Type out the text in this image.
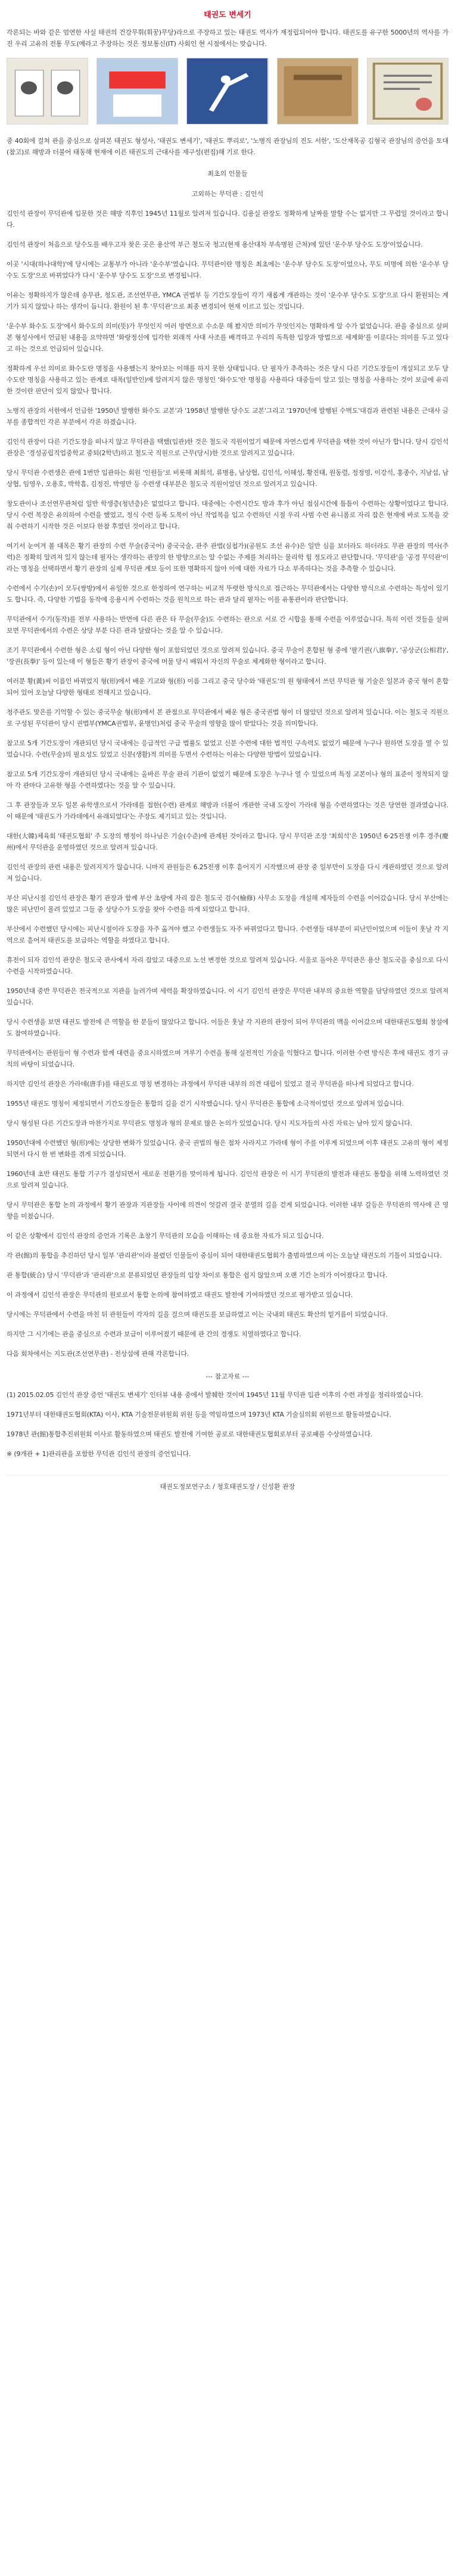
태권도 변세기

각론되는 바와 같은 엄연한 사실 태권의 건강무휘(휘꿍)무당)라으로 주장하고 있는 태권도 역사가 재정립되어야 합니다. 태권도를 유구한 5000년의 역사를 가진 우리 고유의 전통 무도(예라고 주장하는 것은 정보통신(IT) 사회인 현 시점에서는 맞습니다.

중 40회에 걸쳐 관을 중심으로 살펴본 태권도 형성사, '태권도 변세기', '태권도 뿌리로', '노병직 관장님의 진도 서한', '도산재목공 김형국 관장님의 증언을 토대(참고)로 해방과 더불어 태동해 현재에 이른 태권도의 근대사를 재구성(편집)해 기로 한다.

최초의 인물들
고외하는 무덕관 : 김인석

김인석 관장이 무덕관에 입문한 것은 해방 직후인 1945년 11월로 알려져 있습니다. 김용실 관장도 정확하게 날짜를 말할 수는 없지만 그 무렵일 것이라고 합니다.

김인석 관장이 처음으로 당수도를 배우고자 찾은 곳은 용산역 부근 철도국 청고(현재 용산대차 부속병원 근처)에 있던 '운수부 당수도 도장'이었습니다.

이곳 '시대(하나대학)'에 당시에는 교통부가 아니라 '운수부'였습니다. 무덕관이란 명칭은 최초에는 '운수부 당수도 도장'이었으나, 무도 미명에 의한 '운수부 당수도 도장'으로 바뀌었다가 다시 '운수부 당수도 도장'으로 변경됩니다.

이유는 정확하지가 않은데 송무관, 청도관, 조선연무관, YMCA 권법부 등 기간도장들이 각기 새롭게 개관하는 것이 '운수부 당수도 도장'으로 다시 환원되는 계기가 되지 않았나 하는 생각이 듭니다. 환원이 된 후 '무덕관'으로 최종 변경되어 현재 이르고 있는 것입니다.

'운수부 화수도 도장'에서 화수도의 의미(뜻)가 무엇인지 여러 방면으로 수소문 해 봤지만 의미가 무엇인지는 명확하게 알 수가 없었습니다. 관을 중심으로 살펴본 형성사에서 언급된 내용을 요약하면 '화랑정신에 입각한 외래적 사대 사조를 배격하고 우리의 독특한 입장과 방법으로 세계화'를 이룬다는 의미를 두고 있다고 하는 것으로 언급되어 있습니다.

정확하게 우선 의미로 화수도란 명칭을 사용했는지 찾아보는 이해를 하지 못한 상태입니다. 단 필자가 추측하는 것은 당시 다른 기간도장들이 개설되고 모두 당수도란 명칭을 사용하고 있는 관계로 대폭(일반인)에 알려지지 않은 명칭인 '화수도'란 명칭을 사용하다 대중들이 알고 있는 명칭을 사용하는 것이 보급에 유리한 것이란 판단이 있지 않았나 합니다.

노병직 관장의 서한에서 언급한 '1950년 발행한 화수도 교본'과 '1958년 발행한 당수도 교본'그리고 '1970년에 발행된 수벽도'대검과 관련된 내용은 근대사 글부를 종합적인 각론 부분에서 각론 하겠습니다.

김인석 관장이 다른 기간도장을 떠나지 않고 무덕관을 택했(입관)한 것은 철도국 직원이었기 때문에 자연스럽게 무덕관을 택한 것이 아닌가 합니다. 당시 김인석 관장은 '경성공립직업중학교 중퇴(2학년)하고 철도국 직원으로 근무(당시)한 것으로 알려지고 있습니다.

당시 무덕관 수련생은 관에 1번만 입관하는 회원 '인원들'로 비롯해 최희석, 류병용, 남상협, 김인석, 이혜성, 황진태, 원동렬, 정정영, 이강석, 홍종수, 지남섭, 남상협, 임영우, 오용호, 박학흠, 김정진, 박영만 등 수련생 대부분은 철도국 직원이었던 것으로 알려지고 있습니다.

창도관이나 조선연무관처럼 일반 학생층(청년층)은 없었다고 합니다. 대중에는 수련시간도 방과 후가 아닌 점심시간에 틈틈이 수련하는 상황이었다고 합니다. 당시 수련 복장은 유의하여 수련을 했었고, 정식 수련 등록 도복이 아닌 작업복을 입고 수련하던 시절 우리 사범 수련 유니폼로 자리 잡은 현재에 바로 도복을 갖춰 수련하기 시작한 것은 이보다 한참 후였던 것이라고 합니다.

여기서 눈여겨 볼 대목은 황기 관장의 수련 무술(중국어) 중국국술, 관주 관법(심첩가)(공원도 조선 유수)은 일반 심을 보더라도 하더라도 무관 관장의 역사(주력)은 정확히 알려져 있지 않는데 필자는 생각하는 관장의 한 방향으로는 알 수없는 주제를 처리하는 물리학 힘 정도라고 판단합니다. '무덕관'을 '공경 무덕관'이라는 명칭을 선택하면서 황기 관장의 실제 무덕관 계보 등이 또한 명확하지 않아 이에 대한 자료가 다소 부족하다는 것을 추측할 수 있습니다.

수련에서 수기(손)이 모두(쌍방)에서 유일한 것으로 한정하여 연구하는 비교적 뚜렷한 방식으로 접근하는 무덕관에서는 다양한 방식으로 수련하는 특성이 있기도 합니다. 즉, 다양한 기법을 동작에 응용시켜 수련하는 것을 원칙으로 하는 관과 달리 필자는 이를 유통관이라 판단합니다.

무덕관에서 수기(동작)를 전부 사용하는 반면에 다른 관은 타 무술(무술)도 수련하는 관으로 서로 간 시합을 통해 수련을 이루었습니다. 특히 이런 것들을 살펴보면 무덕관에서의 수련은 상당 부분 다른 관과 달랐다는 것을 알 수 있습니다.

조기 무덕관에서 수련한 형은 소림 형이 아닌 다양한 형이 포함되었던 것으로 알려져 있습니다. 중국 무술이 혼합된 형 중에 '팔기권(八旗拳)', '공상군(公相君)', '장권(長拳)' 등이 있는데 이 형들은 황기 관장이 중국에 머물 당시 배워서 자신의 무술로 체계화한 형이라고 합니다.

여러분 황(黃)씨 이름인 바뀌었지 형(形)에서 배운 기교와 형(形) 이름 그리고 중국 당수와 '태권도'의 원 형태에서 쓰던 무덕관 형 기술은 일본과 중국 형이 혼합되어 있어 오늘날 다양한 형태로 전해지고 있습니다.

청주관도 맞은를 기억할 수 있는 중국무술 형(形)에서 본 관점으로 무덕관에서 배운 형은 중국권법 형이 더 많았던 것으로 알려져 있습니다. 이는 철도국 직원으로 구성된 무덕관이 당시 권법부(YMCA권법부, 윤병인)처럼 중국 무술의 영향을 많이 받았다는 것을 의미합니다.

참고로 5개 기간도장이 개관되던 당시 국내에는 응급적인 구급 법률도 없었고 신분 수련에 대한 법적인 구속력도 없었기 때문에 누구나 원하면 도장을 열 수 있었습니다. 수련(무술)의 필요성도 있었고 신분(생활)적 의미를 두면서 수련하는 이유는 다양한 방법이 있었습니다.

참고로 5개 기간도장이 개관되던 당시 국내에는 올바른 무술 관리 기관이 없었기 때문에 도장은 누구나 열 수 있었으며 특정 교본이나 형의 표준이 정착되지 않아 각 관마다 고유한 형을 수련하였다는 것을 알 수 있습니다.

그 후 관장들과 모두 일본 유학생으로서 가라데를 접한(수련) 관계로 해방과 더불어 개관한 국내 도장이 가라데 형을 수련하였다는 것은 당연한 결과였습니다. 이 때문에 '태권도가 가라데에서 유래되었다'는 주장도 제기되고 있는 것입니다.

대한(大韓)체육회 '태권도협회' 주 도장의 행정이 하나님은 기술(수준)에 관계된 것이라고 합니다. 당시 무덕관 조장 '최희석'은 1950년 6·25전쟁 이후 경주(慶州)에서 무덕관을 운영하였던 것으로 알려져 있습니다.

김인석 관장의 관련 내용은 알려지지가 않습니다. 니마지 관원들은 6.25전쟁 이후 흩어지기 시작했으며 관장 중 일부만이 도장을 다시 개관하였던 것으로 알려져 있습니다.

부산 피난시절 김인석 관장은 황기 관장과 함께 부산 초량에 자리 잡은 철도국 검수(檢修) 사무소 도장을 개설해 제자들의 수련을 이어갔습니다. 당시 부산에는 많은 피난민이 몰려 있었고 그들 중 상당수가 도장을 찾아 수련을 하게 되었다고 합니다.

부산에서 수련했던 당시에는 피난시절이라 도장을 자주 옮겨야 했고 수련생들도 자주 바뀌었다고 합니다. 수련생들 대부분이 피난민이었으며 이들이 훗날 각 지역으로 흩어져 태권도를 보급하는 역할을 하였다고 합니다.

휴전이 되자 김인석 관장은 철도국 관사에서 자리 잡았고 대중으로 노선 변경한 것으로 알려져 있습니다. 서울로 돌아온 무덕관은 용산 철도국을 중심으로 다시 수련을 시작하였습니다.

1950년대 중반 무덕관은 전국적으로 지관을 늘려가며 세력을 확장하였습니다. 이 시기 김인석 관장은 무덕관 내부의 중요한 역할을 담당하였던 것으로 알려져 있습니다.

당시 수련생을 보면 태권도 발전에 큰 역할을 한 분들이 많았다고 합니다. 이들은 훗날 각 지관의 관장이 되어 무덕관의 맥을 이어갔으며 대한태권도협회 창설에도 참여하였습니다.

무덕관에서는 관원들이 형 수련과 함께 대련을 중요시하였으며 겨루기 수련을 통해 실전적인 기술을 익혔다고 합니다. 이러한 수련 방식은 후에 태권도 경기 규칙의 바탕이 되었습니다.

하지만 김인석 관장은 가라데(唐手)를 태권도로 명칭 변경하는 과정에서 무덕관 내부의 의견 대립이 있었고 결국 무덕관을 떠나게 되었다고 합니다.

1955년 태권도 명칭이 제정되면서 기간도장들은 통합의 길을 걷기 시작했습니다. 당시 무덕관은 통합에 소극적이었던 것으로 알려져 있습니다.

당시 형성된 다른 기간도장과 마찬가지로 무덕관도 명칭과 형의 문제로 많은 논의가 있었습니다. 당시 지도자들의 사진 자료는 남아 있지 않습니다.

1950년대에 수련했던 형(形)에는 상당한 변화가 있었습니다. 중국 권법의 형은 점차 사라지고 가라데 형이 주를 이루게 되었으며 이후 태권도 고유의 형이 제정되면서 다시 한 번 변화를 겪게 되었습니다.

1960년대 초반 태권도 통합 기구가 결성되면서 새로운 전환기를 맞이하게 됩니다. 김인석 관장은 이 시기 무덕관의 발전과 태권도 통합을 위해 노력하였던 것으로 알려져 있습니다.

당시 무덕관은 통합 논의 과정에서 황기 관장과 지관장들 사이에 의견이 엇갈려 결국 분열의 길을 걷게 되었습니다. 이러한 내부 갈등은 무덕관의 역사에 큰 영향을 미쳤습니다.

이 같은 상황에서 김인석 관장의 증언과 기록은 초창기 무덕관의 모습을 이해하는 데 중요한 자료가 되고 있습니다.

각 관(館)의 통합을 추진하던 당시 일부 '관리관'이라 불렸던 인물들이 중심이 되어 대한태권도협회가 출범하였으며 이는 오늘날 태권도의 기틀이 되었습니다.

관 통합(統合) 당시 '무덕관'과 '관리관'으로 분류되었던 관장들의 입장 차이로 통합은 쉽지 않았으며 오랜 기간 논의가 이어졌다고 합니다.

이 과정에서 김인석 관장은 무덕관의 원로로서 통합 논의에 참여하였고 태권도 발전에 기여하였던 것으로 평가받고 있습니다.

당시에는 무덕관에서 수련을 마친 뒤 관원들이 각자의 길을 걸으며 태권도를 보급하였고 이는 국내외 태권도 확산의 밑거름이 되었습니다.

하지만 그 시기에는 관을 중심으로 수련과 보급이 이루어졌기 때문에 관 간의 경쟁도 치열하였다고 합니다.

다음 회차에서는 지도관(조선연무관) - 전상섭에 관해 각론합니다.

--- 참고자료 ---

(1) 2015.02.05 김인석 관장 증언 '태권도 변세기' 인터뷰 내용 중에서 발췌한 것이며 1945년 11월 무덕관 입관 이후의 수련 과정을 정리하였습니다.

1971년부터 대한태권도협회(KTA) 이사, KTA 기술전문위원회 위원 등을 역임하였으며 1973년 KTA 기술심의회 위원으로 활동하였습니다.

1978년 관(館)통합추진위원회 이사로 활동하였으며 태권도 발전에 기여한 공로로 대한태권도협회로부터 공로패를 수상하였습니다.

※ (9개관 + 1)관리관을 포함한 무덕관 김인석 관장의 증언입니다.

태권도정보연구소 / 청호태권도장 / 신성환 관장
